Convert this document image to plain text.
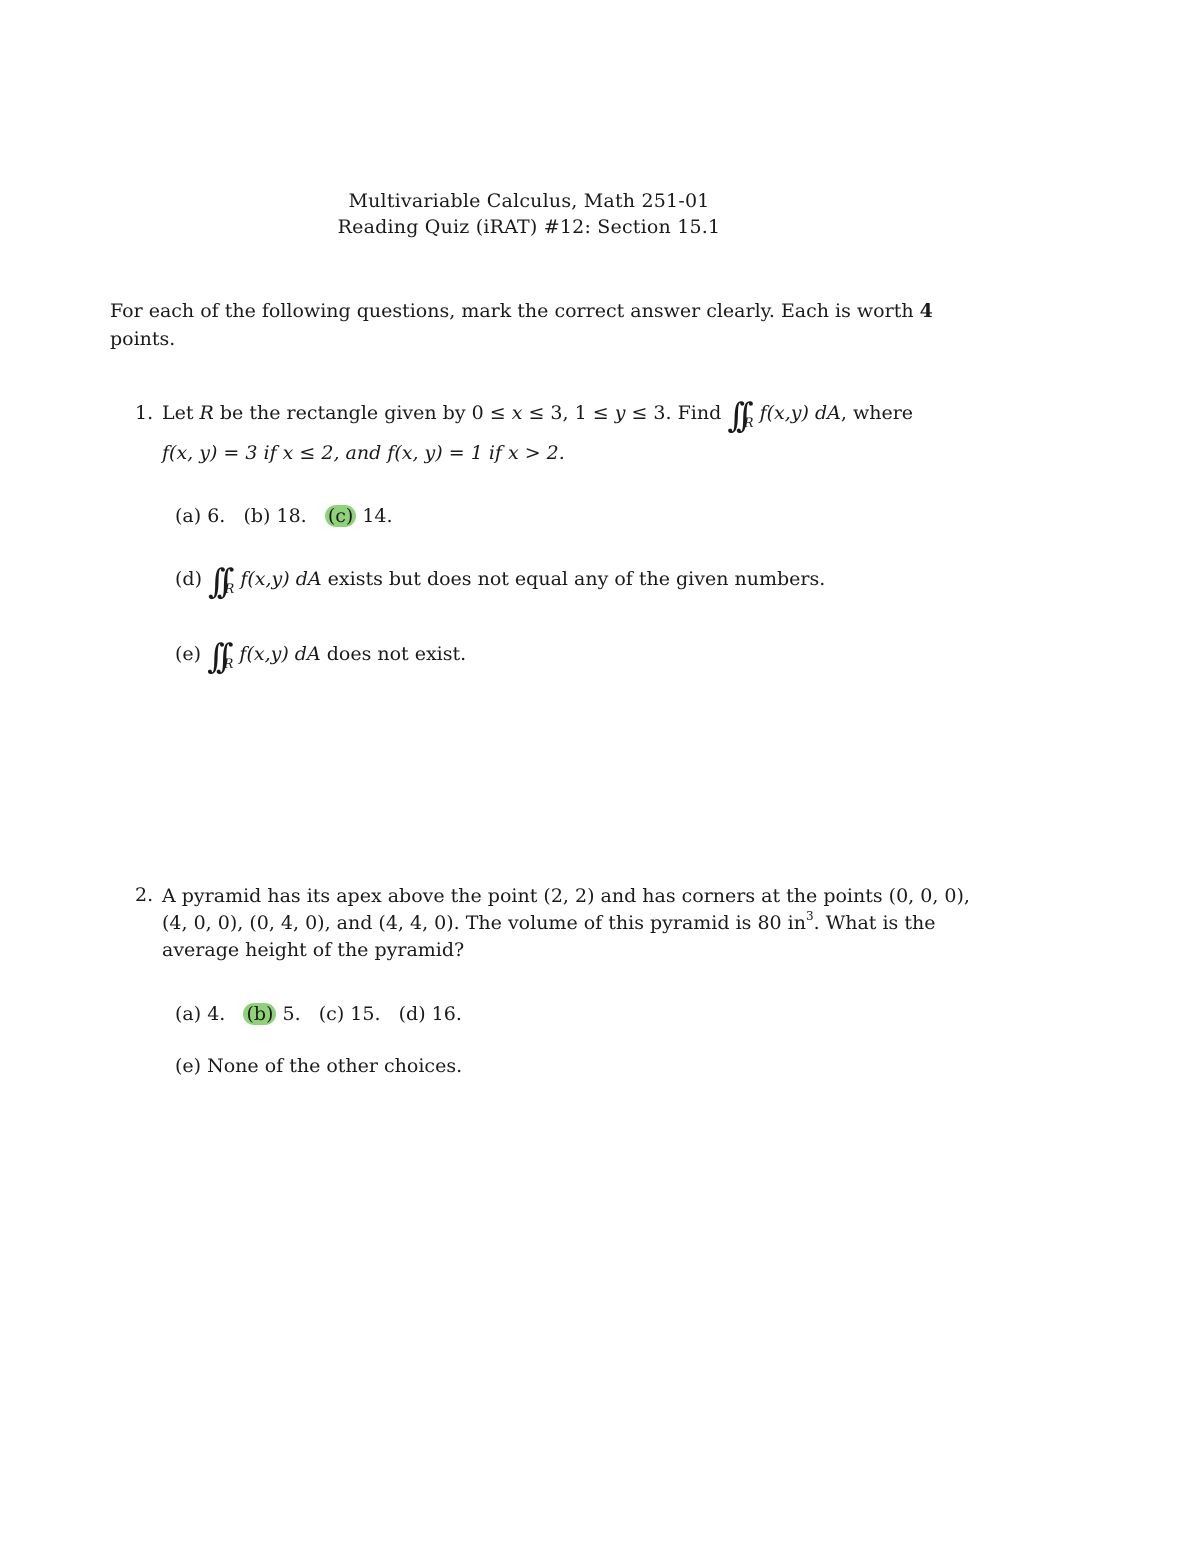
Multivariable Calculus, Math 251-01
Reading Quiz (iRAT) #12: Section 15.1
For each of the following questions, mark the correct answer clearly. Each is worth 4
points.
1. Let R be the rectangle given by 0 ≤ x ≤ 3, 1 ≤ y ≤ 3. Find $\int\int_R$ f(x,y) dA, where
f(x, y) = 3 if x ≤ 2, and f(x, y) = 1 if x > 2.
(a) 6. (b) 18. (c) 14.
(d) $\int\int_R$ f(x,y) dA exists but does not equal any of the given numbers.
(e) $\int\int_R$ f(x,y) dA does not exist.
2. A pyramid has its apex above the point (2, 2) and has corners at the points (0, 0, 0),
(4, 0, 0), (0, 4, 0), and (4, 4, 0). The volume of this pyramid is 80 $in^3$. What is the
average height of the pyramid?
(a) 4. (b) 5. (c) 15. (d) 16.
(e) None of the other choices.
